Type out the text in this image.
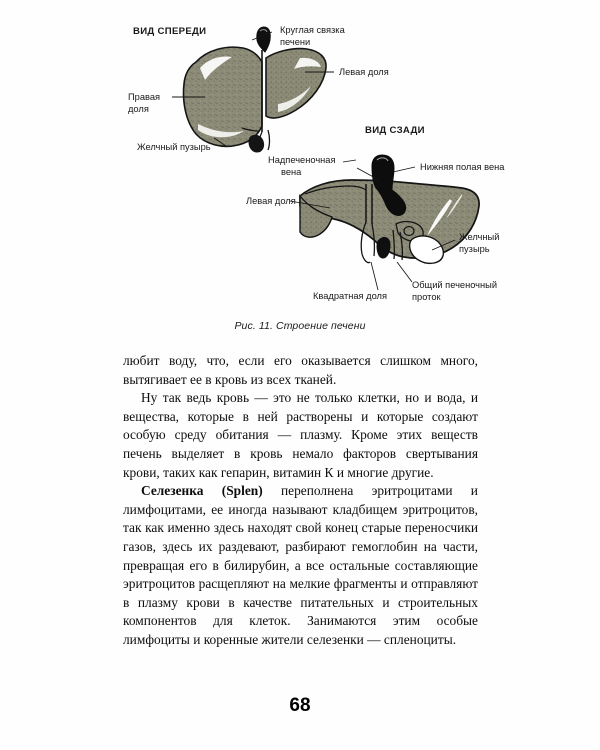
ВИД СПЕРЕДИ	Круглая связка
печени
Левая доля
Правая
доля
Желчный пузырь
ВИД СЗАДИ
Надпеченочная
вена	Нижняя полая вена
Левая доля
Желчный
пузырь
Общий печеночный
проток
Квадратная доля
Рис. 11. Строение печени

любит воду, что, если его оказывается слишком много, вытягивает ее в кровь из всех тканей.

Ну так ведь кровь — это не только клетки, но и вода, и вещества, которые в ней растворены и которые создают особую среду обитания — плазму. Кроме этих веществ печень выделяет в кровь немало факторов свертывания крови, таких как гепарин, витамин К и многие другие.

Селезенка (Splen) переполнена эритроцитами и лимфоцитами, ее иногда называют кладбищем эритроцитов, так как именно здесь находят свой конец старые переносчики газов, здесь их раздевают, разбирают гемоглобин на части, превращая его в билирубин, а все остальные составляющие эритроцитов расщепляют на мелкие фрагменты и отправляют в плазму крови в качестве питательных и строительных компонентов для клеток. Занимаются этим особые лимфоциты и коренные жители селезенки — спленоциты.

68
